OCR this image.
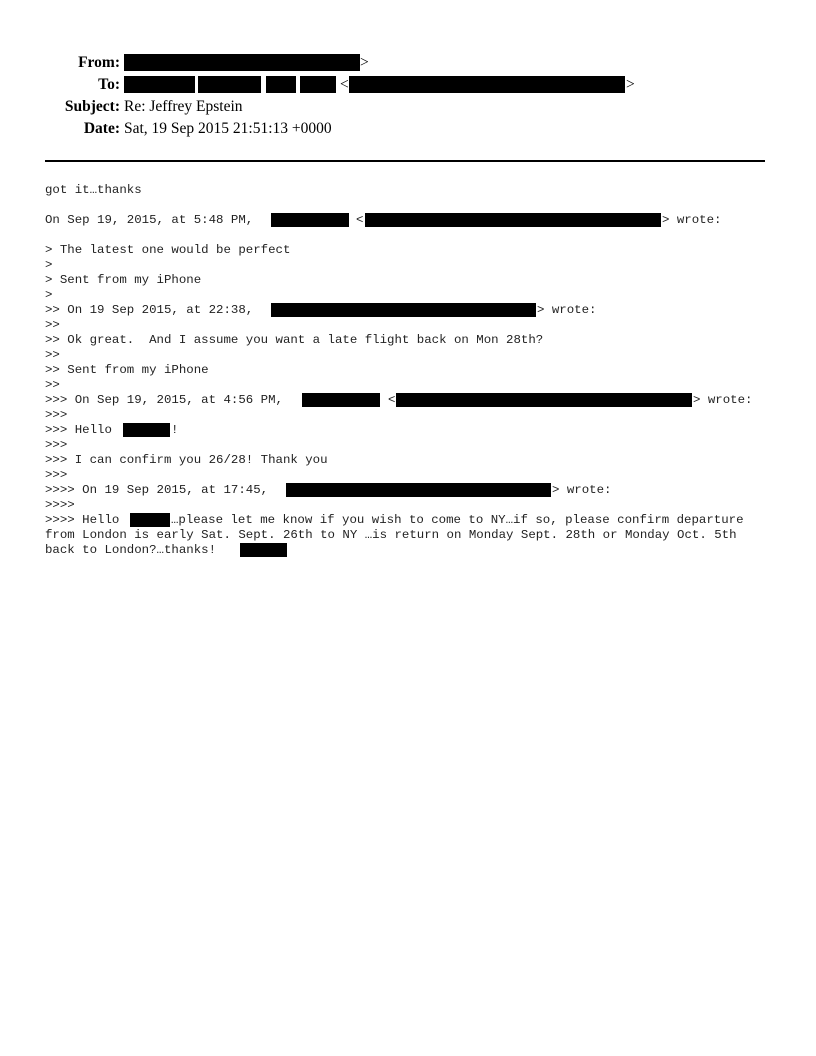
From:	>
To:	<	>
Subject: Re: Jeffrey Epstein
Date: Sat, 19 Sep 2015 21:51:13 +0000
got it…thanks
On Sep 19, 2015, at 5:48 PM,	<	> wrote:
> The latest one would be perfect
>
> Sent from my iPhone
>
>> On 19 Sep 2015, at 22:38,	> wrote:
>>
>> Ok great.  And I assume you want a late flight back on Mon 28th?
>>
>> Sent from my iPhone
>>
>>> On Sep 19, 2015, at 4:56 PM,	<	> wrote:
>>>
>>> Hello	!
>>>
>>> I can confirm you 26/28! Thank you
>>>
>>>> On 19 Sep 2015, at 17:45,	> wrote:
>>>>
>>>> Hello	…please let me know if you wish to come to NY…if so, please confirm departure
from London is early Sat. Sept. 26th to NY …is return on Monday Sept. 28th or Monday Oct. 5th
back to London?…thanks!
